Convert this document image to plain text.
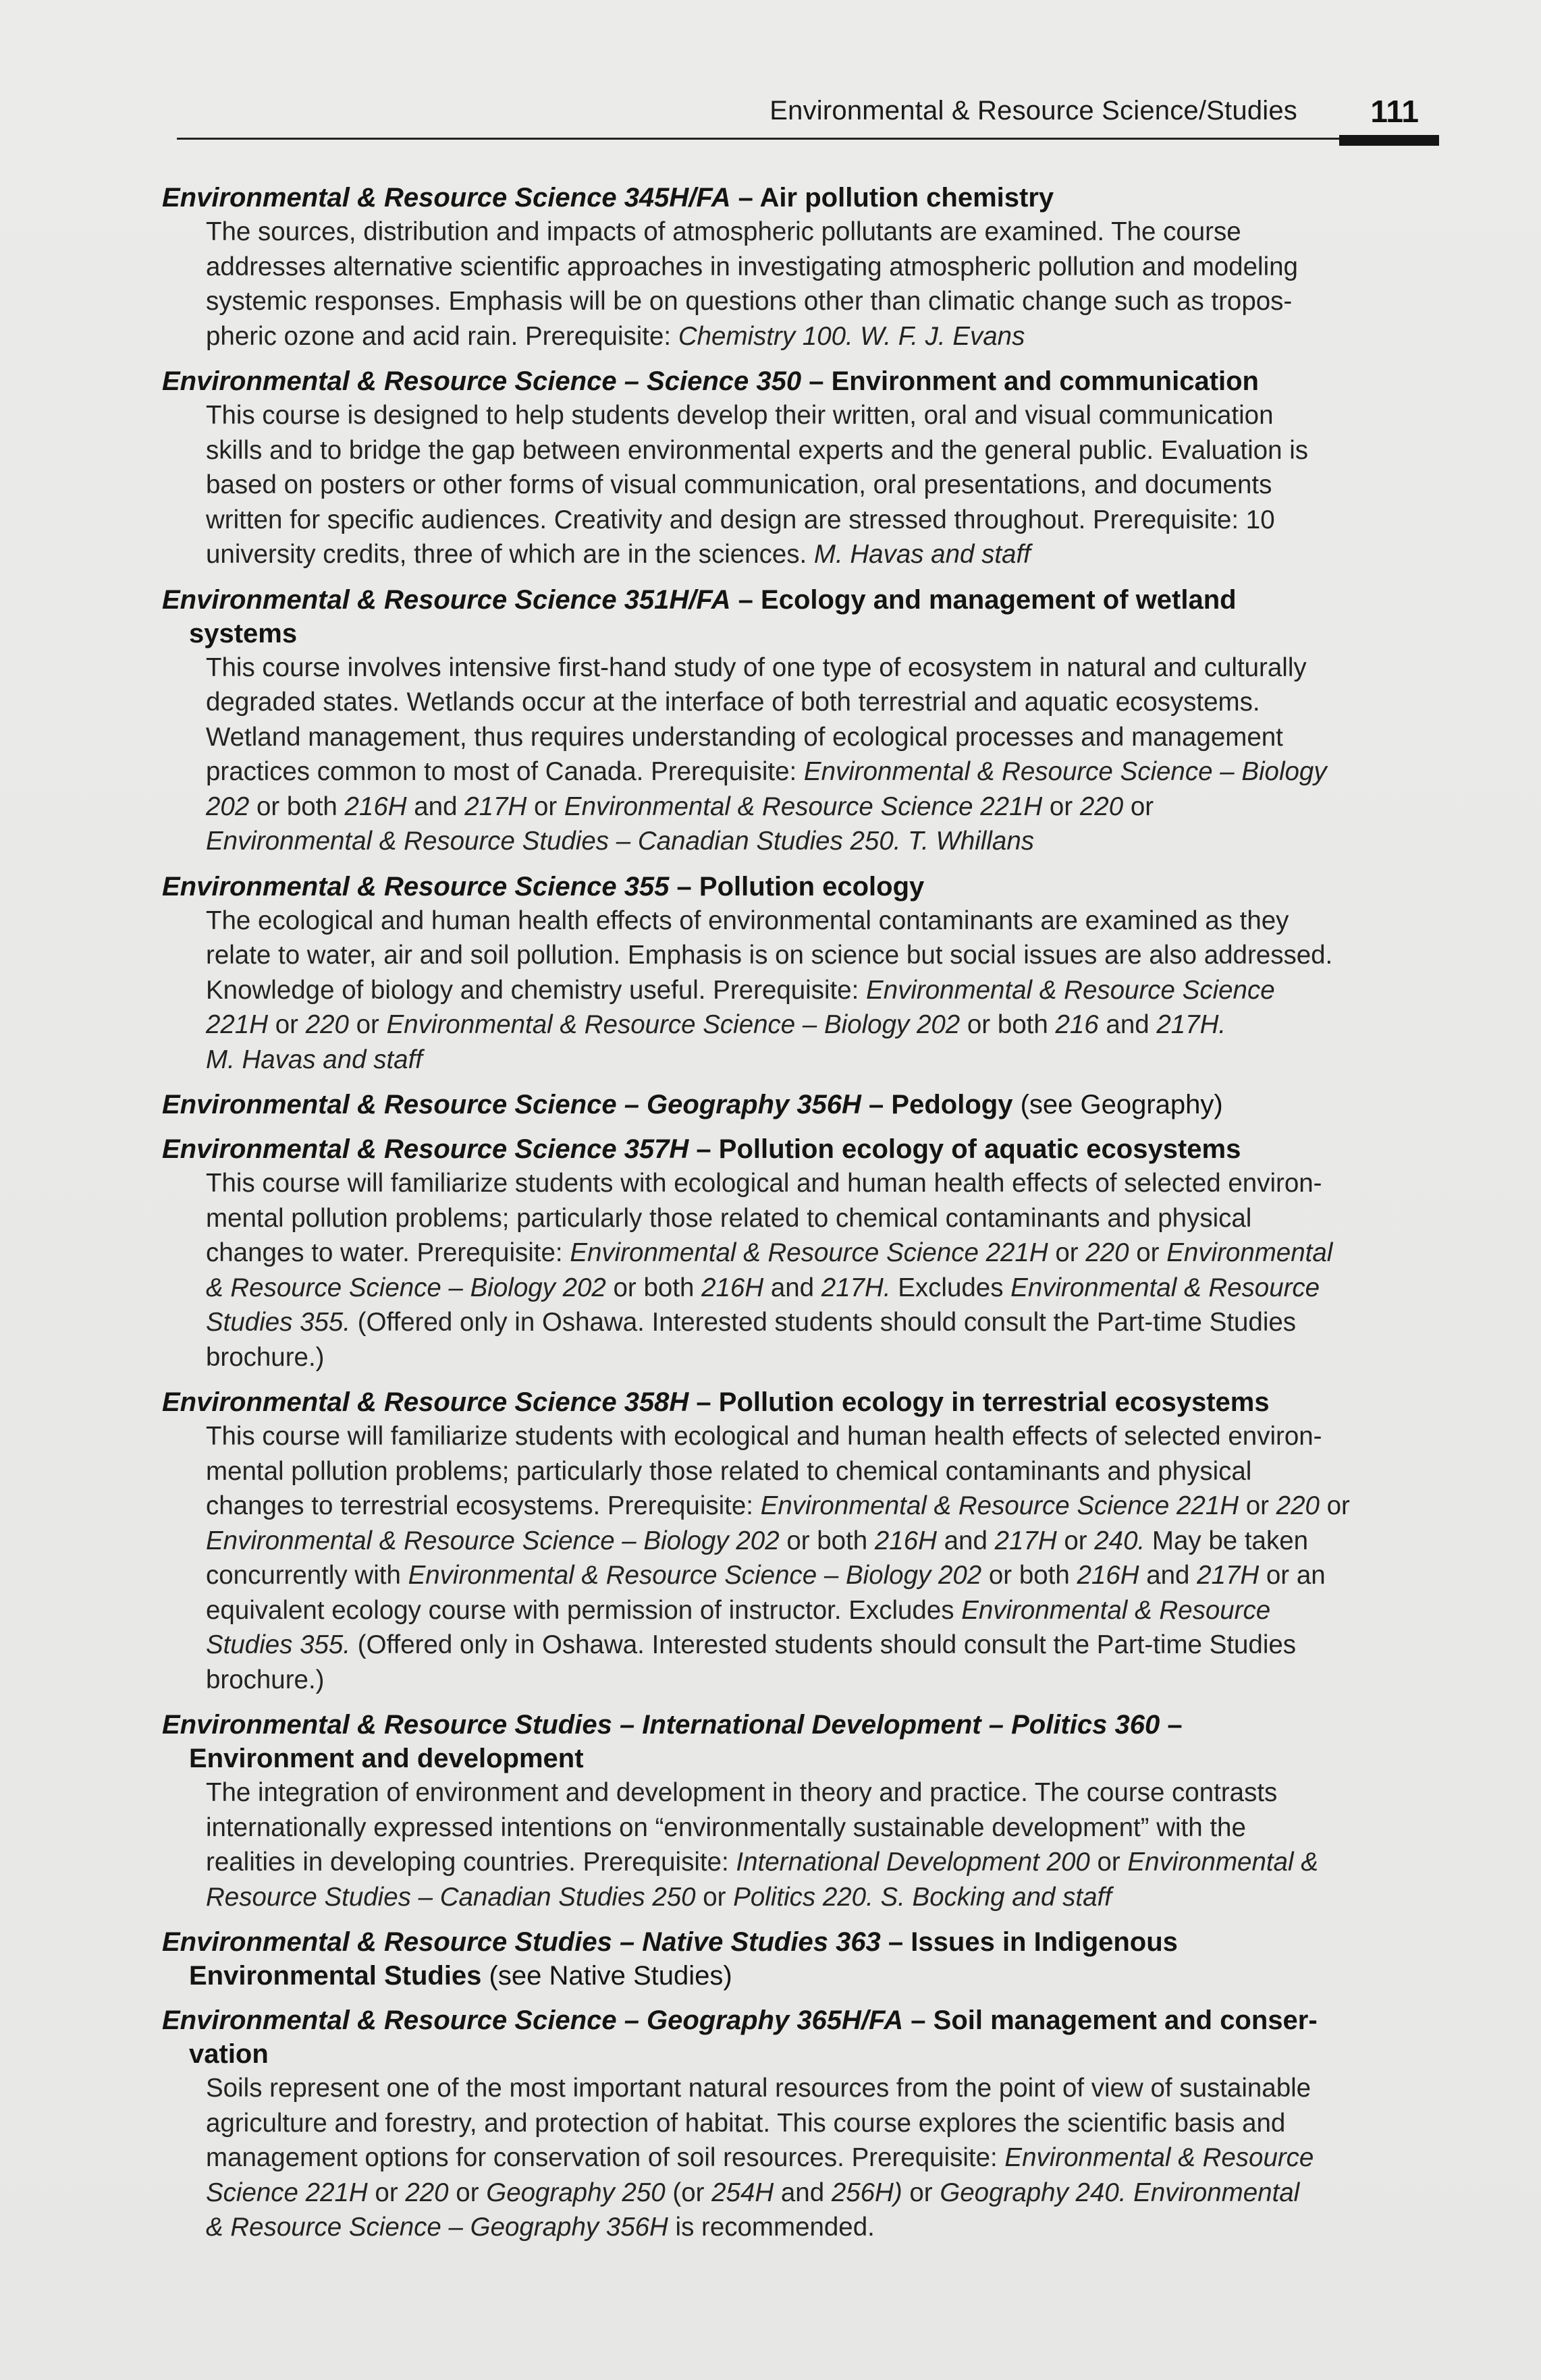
Environmental & Resource Science/Studies 111
Environmental & Resource Science 345H/FA – Air pollution chemistry
The sources, distribution and impacts of atmospheric pollutants are examined. The course
addresses alternative scientific approaches in investigating atmospheric pollution and modeling
systemic responses. Emphasis will be on questions other than climatic change such as tropos-
pheric ozone and acid rain. Prerequisite: Chemistry 100. W. F. J. Evans
Environmental & Resource Science – Science 350 – Environment and communication
This course is designed to help students develop their written, oral and visual communication
skills and to bridge the gap between environmental experts and the general public. Evaluation is
based on posters or other forms of visual communication, oral presentations, and documents
written for specific audiences. Creativity and design are stressed throughout. Prerequisite: 10
university credits, three of which are in the sciences. M. Havas and staff
Environmental & Resource Science 351H/FA – Ecology and management of wetland
systems
This course involves intensive first-hand study of one type of ecosystem in natural and culturally
degraded states. Wetlands occur at the interface of both terrestrial and aquatic ecosystems.
Wetland management, thus requires understanding of ecological processes and management
practices common to most of Canada. Prerequisite: Environmental & Resource Science – Biology
202 or both 216H and 217H or Environmental & Resource Science 221H or 220 or
Environmental & Resource Studies – Canadian Studies 250. T. Whillans
Environmental & Resource Science 355 – Pollution ecology
The ecological and human health effects of environmental contaminants are examined as they
relate to water, air and soil pollution. Emphasis is on science but social issues are also addressed.
Knowledge of biology and chemistry useful. Prerequisite: Environmental & Resource Science
221H or 220 or Environmental & Resource Science – Biology 202 or both 216 and 217H.
M. Havas and staff
Environmental & Resource Science – Geography 356H – Pedology (see Geography)
Environmental & Resource Science 357H – Pollution ecology of aquatic ecosystems
This course will familiarize students with ecological and human health effects of selected environ-
mental pollution problems; particularly those related to chemical contaminants and physical
changes to water. Prerequisite: Environmental & Resource Science 221H or 220 or Environmental
& Resource Science – Biology 202 or both 216H and 217H. Excludes Environmental & Resource
Studies 355. (Offered only in Oshawa. Interested students should consult the Part-time Studies
brochure.)
Environmental & Resource Science 358H – Pollution ecology in terrestrial ecosystems
This course will familiarize students with ecological and human health effects of selected environ-
mental pollution problems; particularly those related to chemical contaminants and physical
changes to terrestrial ecosystems. Prerequisite: Environmental & Resource Science 221H or 220 or
Environmental & Resource Science – Biology 202 or both 216H and 217H or 240. May be taken
concurrently with Environmental & Resource Science – Biology 202 or both 216H and 217H or an
equivalent ecology course with permission of instructor. Excludes Environmental & Resource
Studies 355. (Offered only in Oshawa. Interested students should consult the Part-time Studies
brochure.)
Environmental & Resource Studies – International Development – Politics 360 –
Environment and development
The integration of environment and development in theory and practice. The course contrasts
internationally expressed intentions on “environmentally sustainable development” with the
realities in developing countries. Prerequisite: International Development 200 or Environmental &
Resource Studies – Canadian Studies 250 or Politics 220. S. Bocking and staff
Environmental & Resource Studies – Native Studies 363 – Issues in Indigenous
Environmental Studies (see Native Studies)
Environmental & Resource Science – Geography 365H/FA – Soil management and conser-
vation
Soils represent one of the most important natural resources from the point of view of sustainable
agriculture and forestry, and protection of habitat. This course explores the scientific basis and
management options for conservation of soil resources. Prerequisite: Environmental & Resource
Science 221H or 220 or Geography 250 (or 254H and 256H) or Geography 240. Environmental
& Resource Science – Geography 356H is recommended.
